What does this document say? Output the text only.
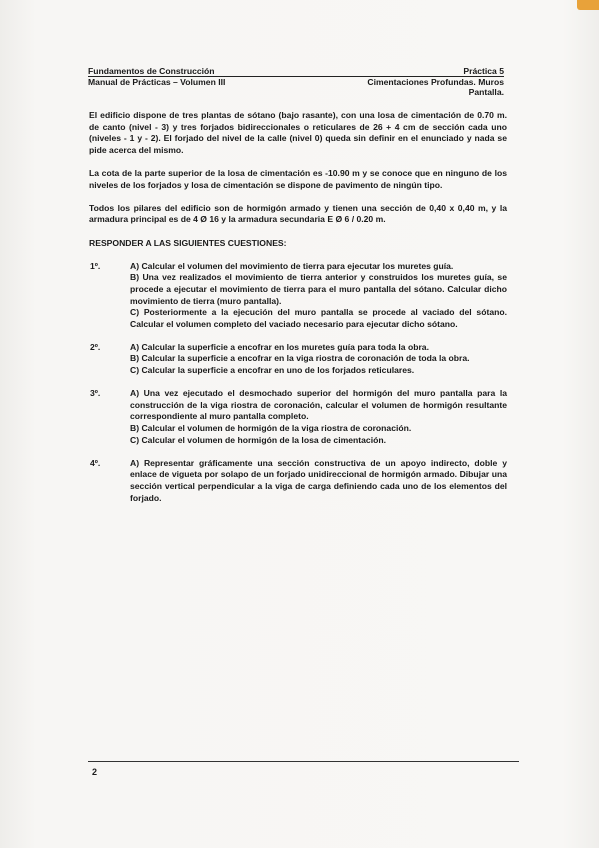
Fundamentos de Construcción	Práctica 5
Manual de Prácticas – Volumen III	Cimentaciones Profundas. Muros
Pantalla.

El edificio dispone de tres plantas de sótano (bajo rasante), con una losa de cimentación de 0.70 m. de canto (nivel - 3) y tres forjados bidireccionales o reticulares de 26 + 4 cm de sección cada uno (niveles - 1 y - 2). El forjado del nivel de la calle (nivel 0) queda sin definir en el enunciado y nada se pide acerca del mismo.

La cota de la parte superior de la losa de cimentación es -10.90 m y se conoce que en ninguno de los niveles de los forjados y losa de cimentación se dispone de pavimento de ningún tipo.

Todos los pilares del edificio son de hormigón armado y tienen una sección de 0,40 x 0,40 m, y la armadura principal es de 4 Ø 16 y la armadura secundaria E Ø 6 / 0.20 m.

RESPONDER A LAS SIGUIENTES CUESTIONES:

1º.	A) Calcular el volumen del movimiento de tierra para ejecutar los muretes guía.
B) Una vez realizados el movimiento de tierra anterior y construidos los muretes guía, se procede a ejecutar el movimiento de tierra para el muro pantalla del sótano. Calcular dicho movimiento de tierra (muro pantalla).
C) Posteriormente a la ejecución del muro pantalla se procede al vaciado del sótano. Calcular el volumen completo del vaciado necesario para ejecutar dicho sótano.
2º.	A) Calcular la superficie a encofrar en los muretes guía para toda la obra.
B) Calcular la superficie a encofrar en la viga riostra de coronación de toda la obra.
C) Calcular la superficie a encofrar en uno de los forjados reticulares.
3º.	A) Una vez ejecutado el desmochado superior del hormigón del muro pantalla para la construcción de la viga riostra de coronación, calcular el volumen de hormigón resultante correspondiente al muro pantalla completo.
B) Calcular el volumen de hormigón de la viga riostra de coronación.
C) Calcular el volumen de hormigón de la losa de cimentación.
4º.	A) Representar gráficamente una sección constructiva de un apoyo indirecto, doble y enlace de vigueta por solapo de un forjado unidireccional de hormigón armado. Dibujar una sección vertical perpendicular a la viga de carga definiendo cada uno de los elementos del forjado.
2
